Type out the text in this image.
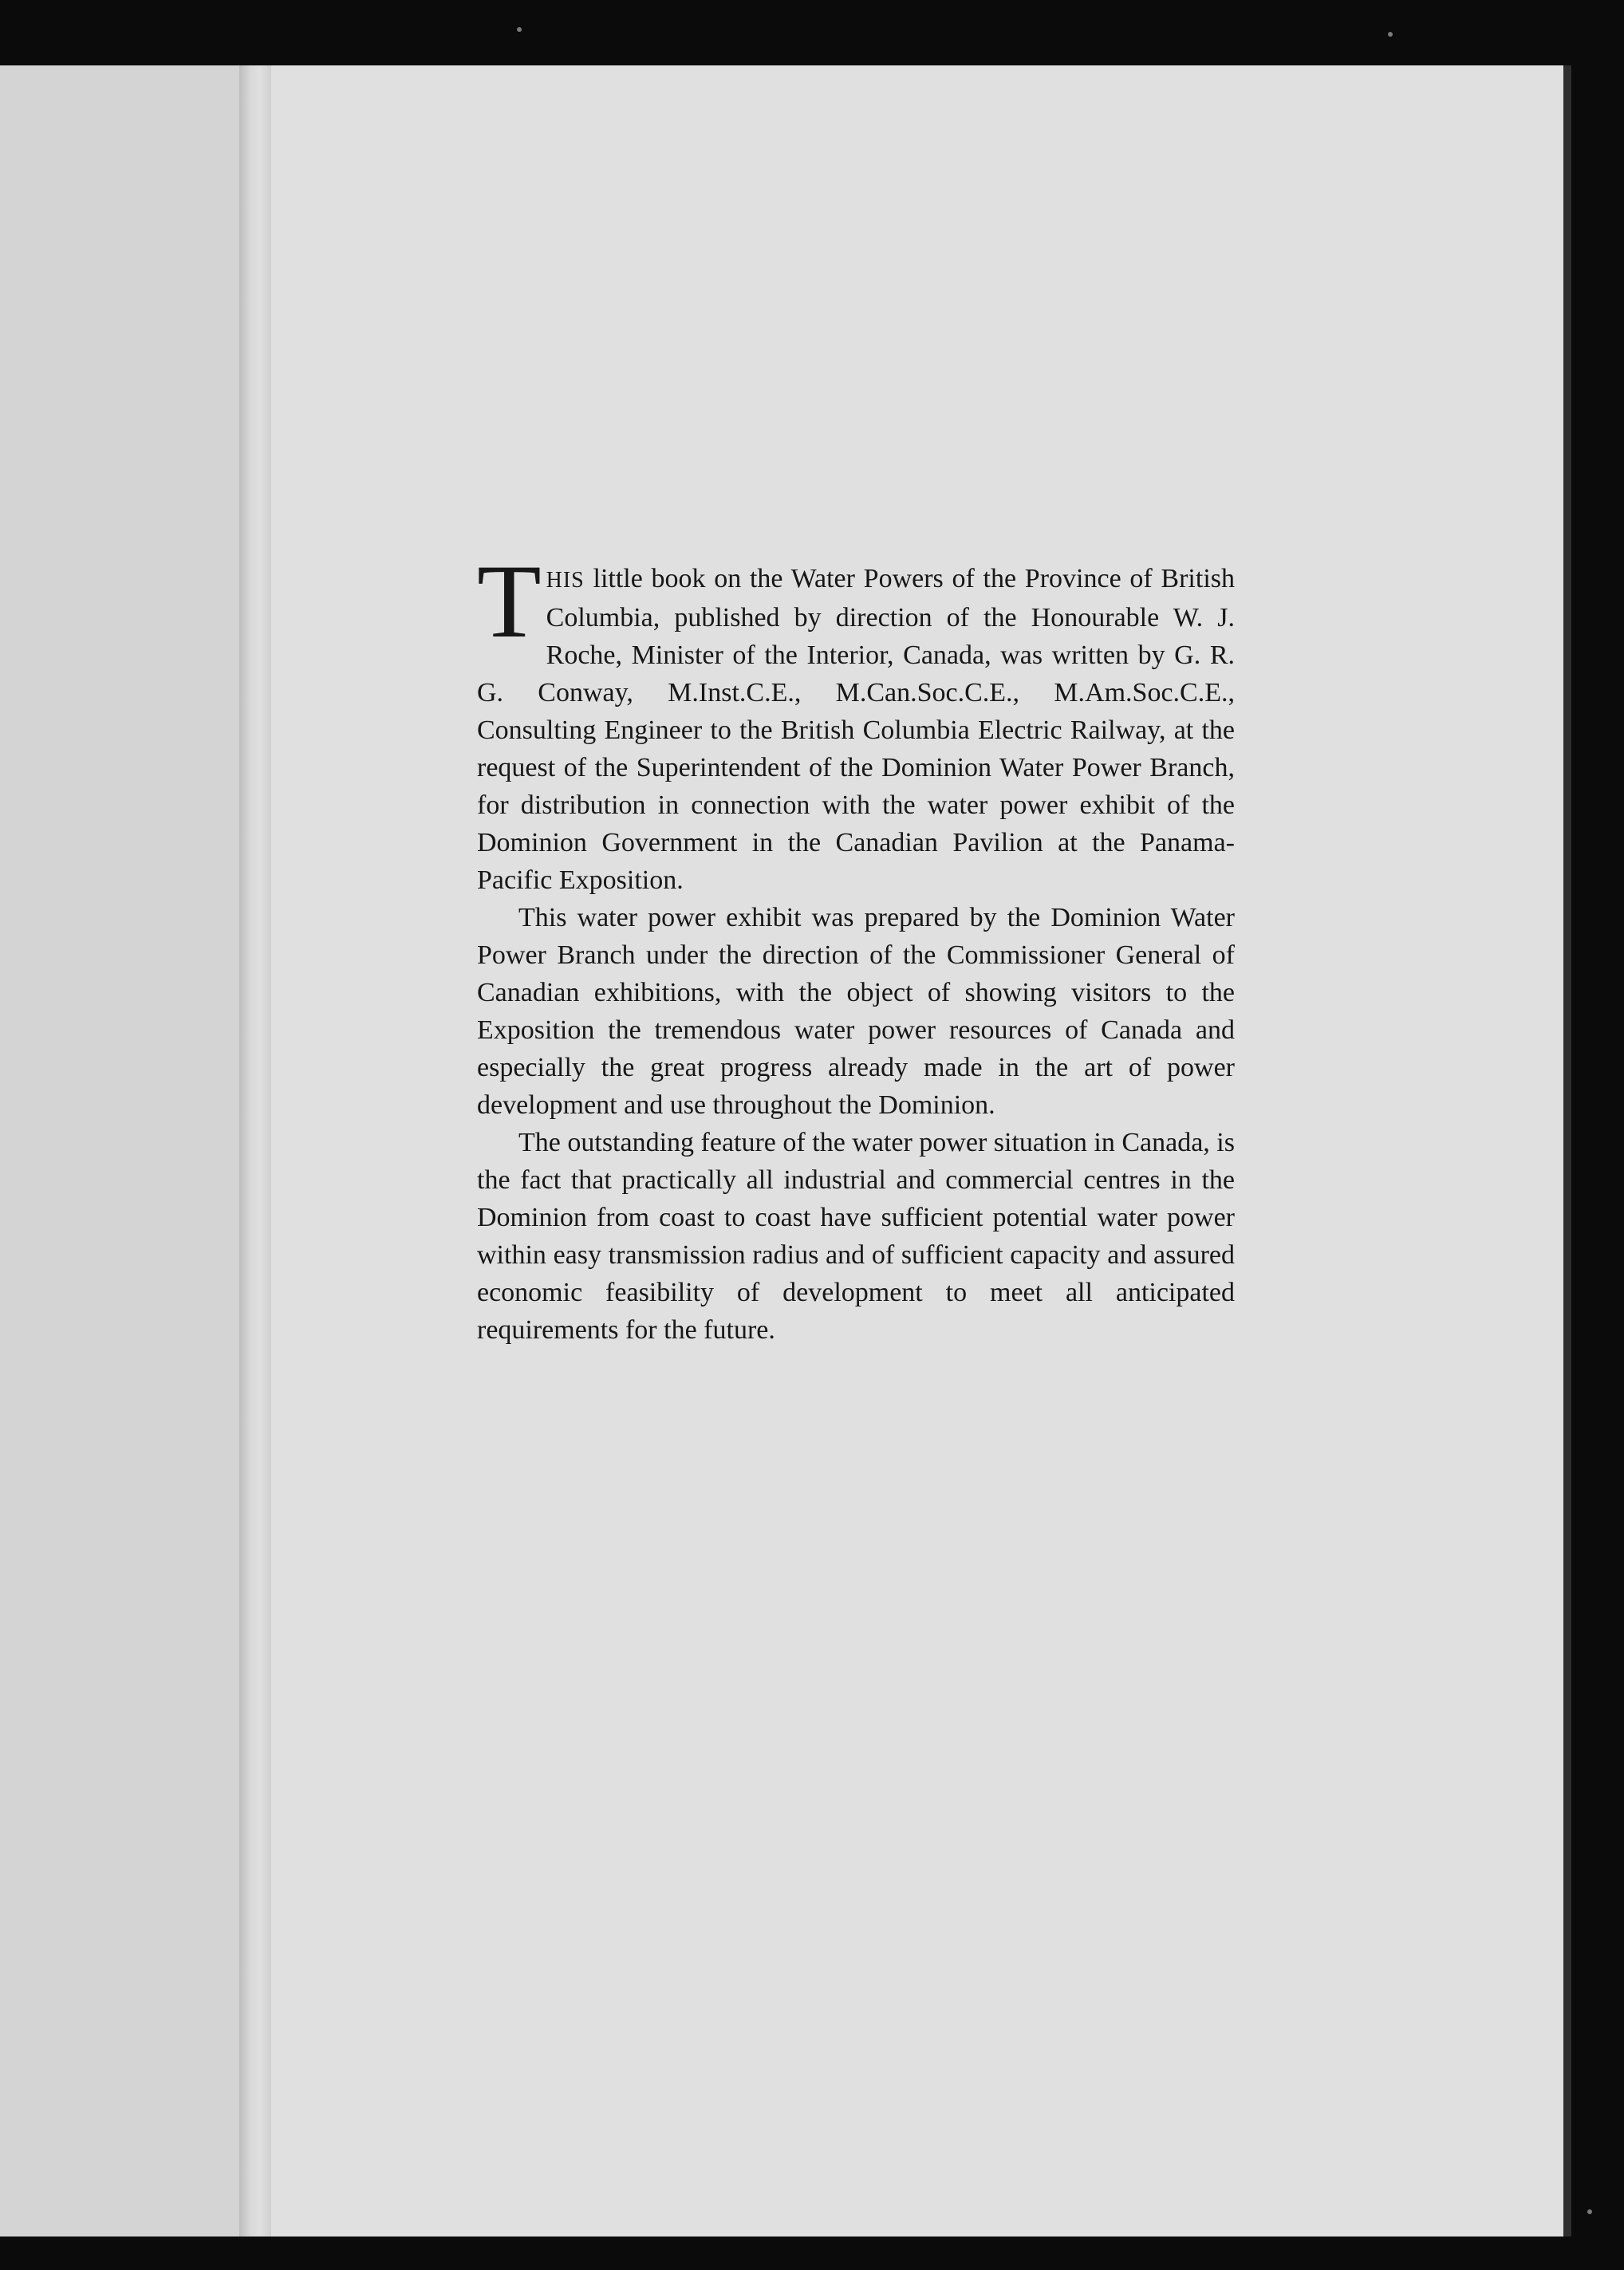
THIS little book on the Water Powers of the Province of British Columbia, published by direction of the Honourable W. J. Roche, Minister of the Interior, Canada, was written by G. R. G. Conway, M.Inst.C.E., M.Can.Soc.C.E., M.Am.Soc.C.E., Consulting Engineer to the British Columbia Electric Railway, at the request of the Superintendent of the Dominion Water Power Branch, for distribution in connection with the water power exhibit of the Dominion Government in the Canadian Pavilion at the Panama-Pacific Exposition.

This water power exhibit was prepared by the Dominion Water Power Branch under the direction of the Commissioner General of Canadian exhibitions, with the object of showing visitors to the Exposition the tremendous water power resources of Canada and especially the great progress already made in the art of power development and use throughout the Dominion.

The outstanding feature of the water power situation in Canada, is the fact that practically all industrial and commercial centres in the Dominion from coast to coast have sufficient potential water power within easy transmission radius and of sufficient capacity and assured economic feasibility of development to meet all anticipated requirements for the future.
